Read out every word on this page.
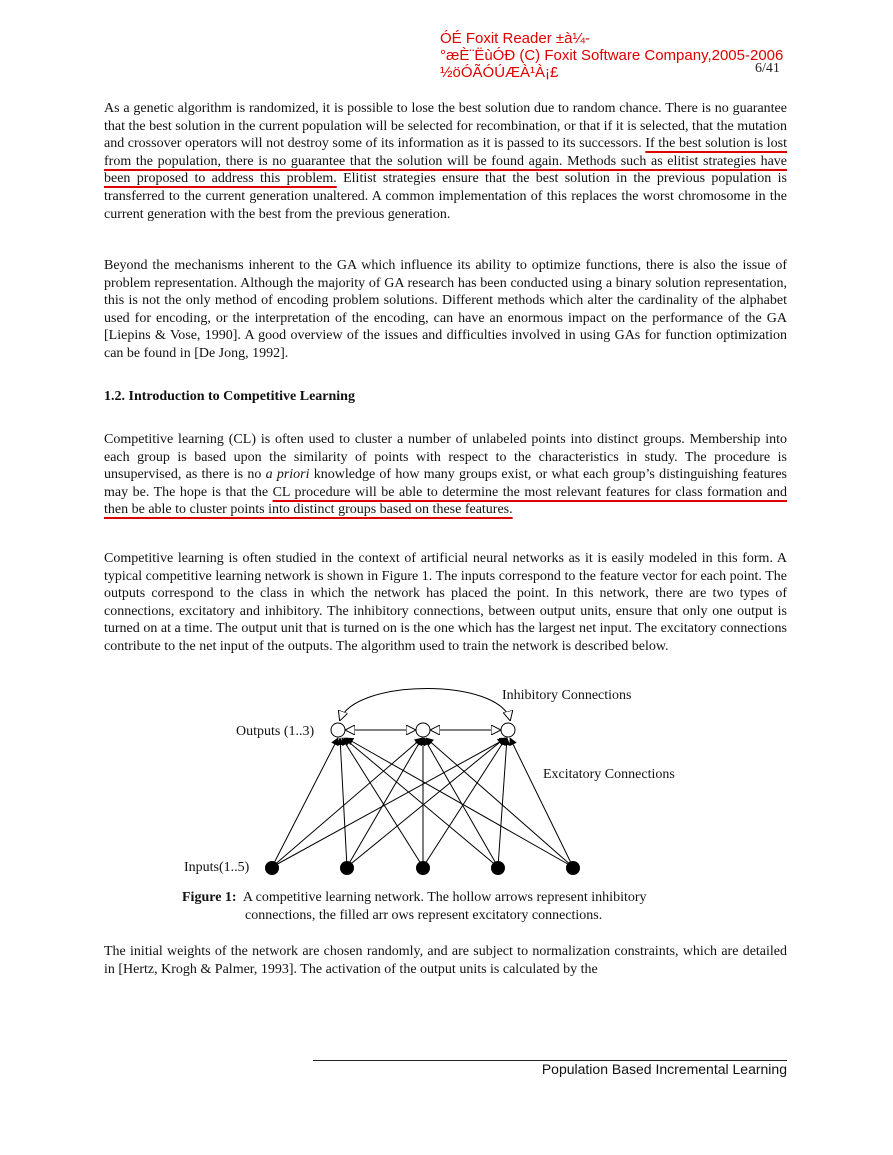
ÓÉ Foxit Reader ±à¼-
°æÈ¨ËùÓÐ (C) Foxit Software Company,2005-2006
½öÓÃÓÚÆÀ¹À¡£	6/41
As a genetic algorithm is randomized, it is possible to lose the best solution due to random chance. There is no guarantee that the best solution in the current population will be selected for recombination, or that if it is selected, that the mutation and crossover operators will not destroy some of its information as it is passed to its successors. If the best solution is lost from the population, there is no guarantee that the solution will be found again. Methods such as elitist strategies have been proposed to address this problem. Elitist strategies ensure that the best solution in the previous population is transferred to the current generation unaltered. A common implementation of this replaces the worst chromosome in the current generation with the best from the previous generation.
Beyond the mechanisms inherent to the GA which influence its ability to optimize functions, there is also the issue of problem representation. Although the majority of GA research has been conducted using a binary solution representation, this is not the only method of encoding problem solutions. Different methods which alter the cardinality of the alphabet used for encoding, or the interpretation of the encoding, can have an enormous impact on the performance of the GA [Liepins & Vose, 1990]. A good overview of the issues and difficulties involved in using GAs for function optimization can be found in [De Jong, 1992].
1.2. Introduction to Competitive Learning
Competitive learning (CL) is often used to cluster a number of unlabeled points into distinct groups. Membership into each group is based upon the similarity of points with respect to the characteristics in study. The procedure is unsupervised, as there is no a priori knowledge of how many groups exist, or what each group’s distinguishing features may be. The hope is that the CL procedure will be able to determine the most relevant features for class formation and then be able to cluster points into distinct groups based on these features.
Competitive learning is often studied in the context of artificial neural networks as it is easily modeled in this form. A typical competitive learning network is shown in Figure 1. The inputs correspond to the feature vector for each point. The outputs correspond to the class in which the network has placed the point. In this network, there are two types of connections, excitatory and inhibitory. The inhibitory connections, between output units, ensure that only one output is turned on at a time. The output unit that is turned on is the one which has the largest net input. The excitatory connections contribute to the net input of the outputs. The algorithm used to train the network is described below.
Inhibitory Connections
Excitatory Connections
Outputs (1..3)
Inputs(1..5)
Figure 1: A competitive learning network. The hollow arrows represent inhibitory
connections, the filled arr ows represent excitatory connections.
The initial weights of the network are chosen randomly, and are subject to normalization constraints, which are detailed in [Hertz, Krogh & Palmer, 1993]. The activation of the output units is calculated by the
Population Based Incremental Learning
